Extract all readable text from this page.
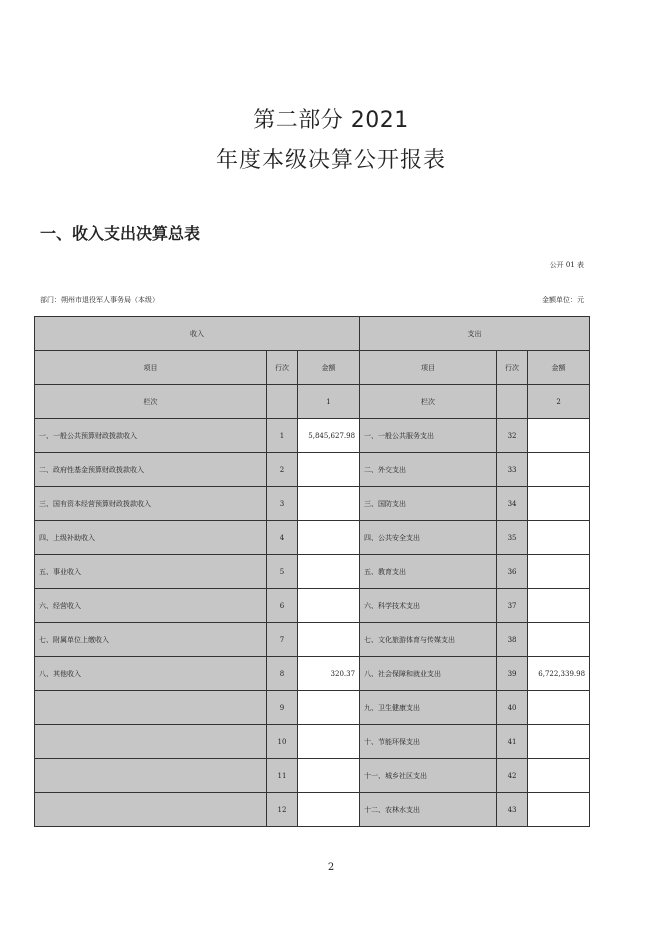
第二部分 2021
年度本级决算公开报表
一、收入支出决算总表
公开 01 表
部门：朔州市退役军人事务局（本级）	金额单位：元
收入			支出		
项目	行次	金额	项目	行次	金额
栏次		1	栏次		2
一、一般公共预算财政拨款收入	1	5,845,627.98	一、一般公共服务支出	32	
二、政府性基金预算财政拨款收入	2		二、外交支出	33	
三、国有资本经营预算财政拨款收入	3		三、国防支出	34	
四、上级补助收入	4		四、公共安全支出	35	
五、事业收入	5		五、教育支出	36	
六、经营收入	6		六、科学技术支出	37	
七、附属单位上缴收入	7		七、文化旅游体育与传媒支出	38	
八、其他收入	8	320.37	八、社会保障和就业支出	39	6,722,339.98
	9		九、卫生健康支出	40	
	10		十、节能环保支出	41	
	11		十一、城乡社区支出	42	
	12		十二、农林水支出	43	
2
